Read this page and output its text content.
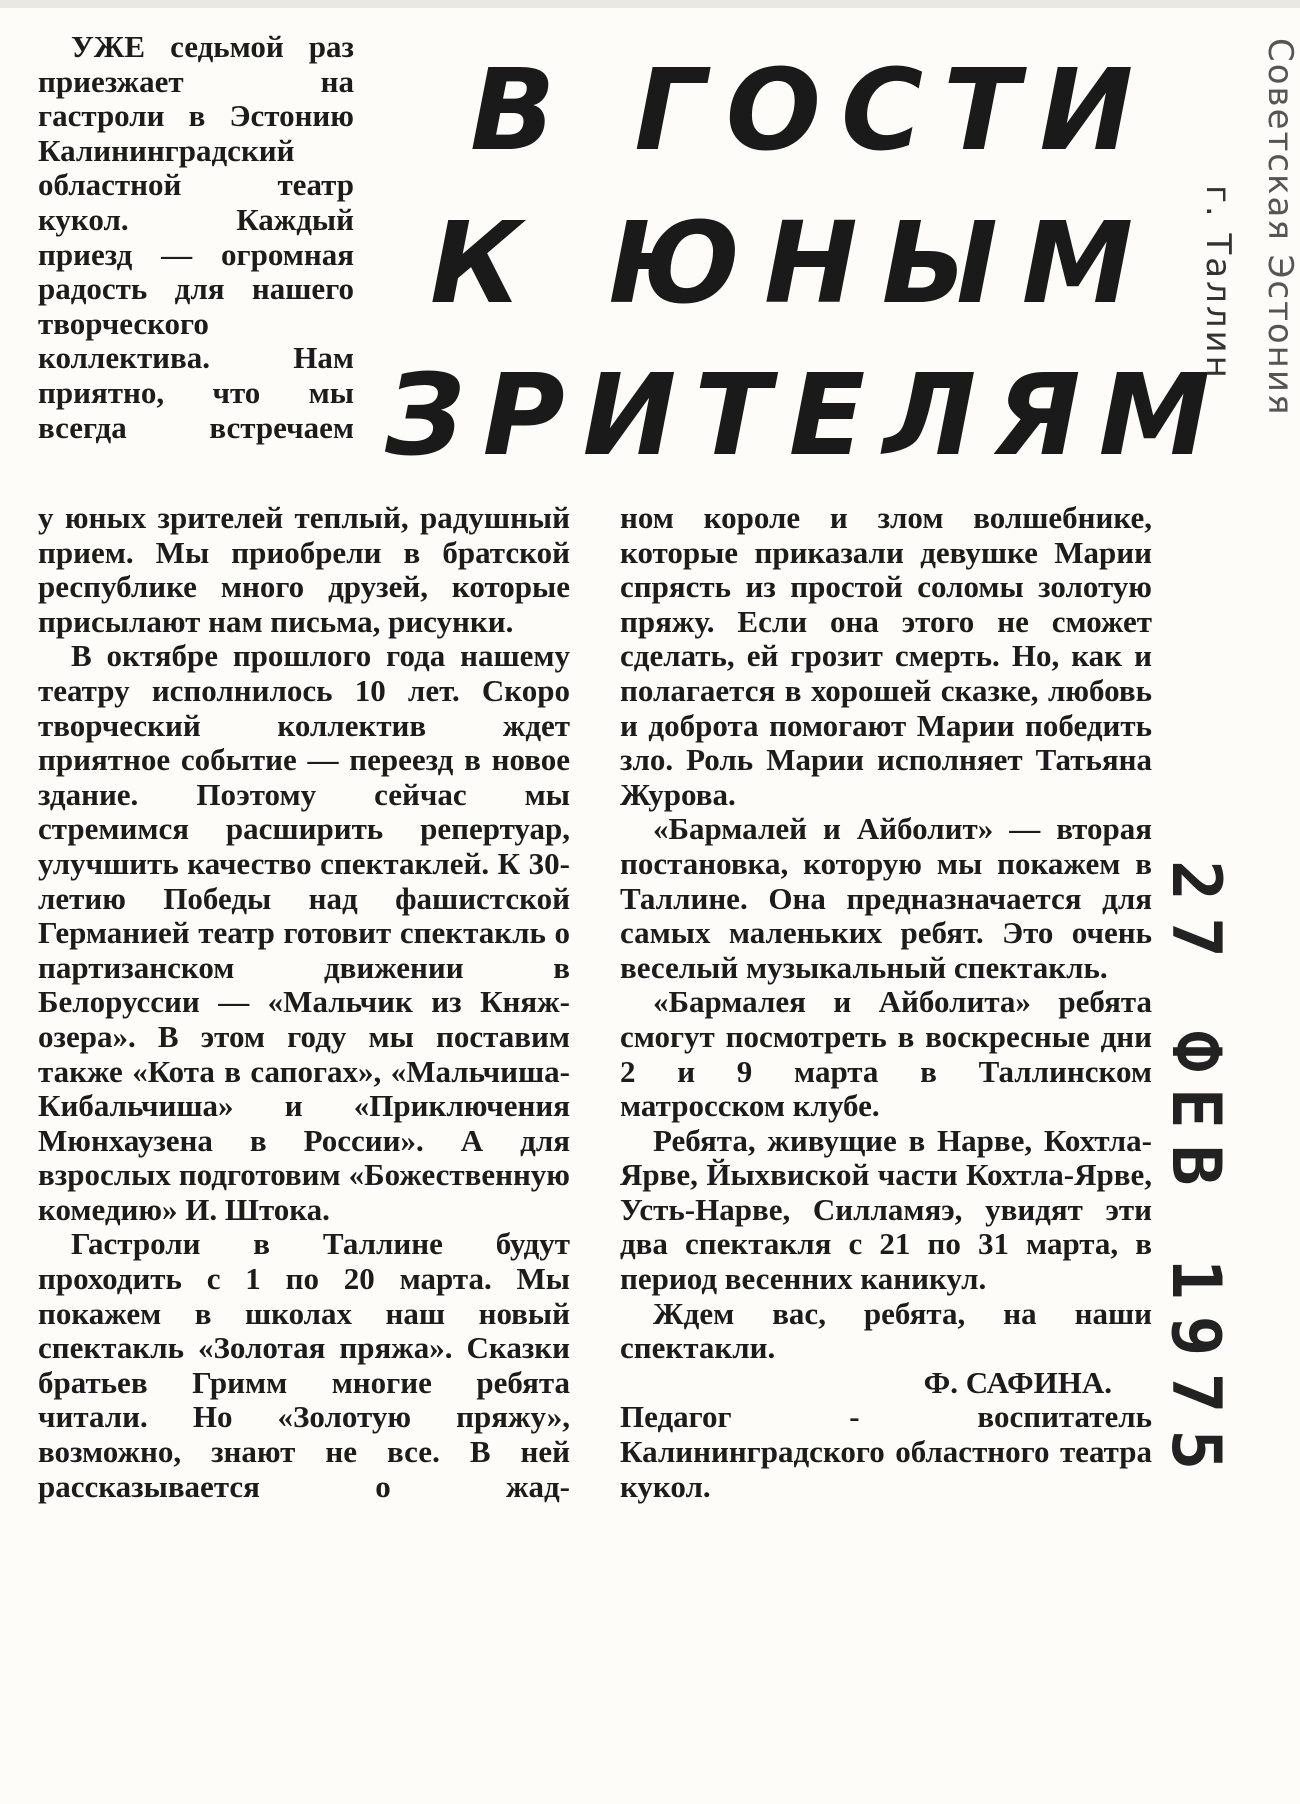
УЖЕ седьмой раз приезжает на гастроли в Эстонию Калининградский областной театр кукол. Каждый приезд — огромная радость для нашего творческого коллектива. Нам приятно, что мы всегда встречаем

В ГОСТИ
К ЮНЫМ
ЗРИТЕЛЯМ

у юных зрителей теплый, радушный прием. Мы приобрели в братской республике много друзей, которые присылают нам письма, рисунки.

В октябре прошлого года нашему театру исполнилось 10 лет. Скоро творческий коллектив ждет приятное событие — переезд в новое здание. Поэтому сейчас мы стремимся расширить репертуар, улучшить качество спектаклей. К 30-летию Победы над фашистской Германией театр готовит спектакль о партизанском движении в Белоруссии — «Мальчик из Княж-озера». В этом году мы поставим также «Кота в сапогах», «Мальчиша-Кибальчиша» и «Приключения Мюнхаузена в России». А для взрослых подготовим «Божественную комедию» И. Штока.

Гастроли в Таллине будут проходить с 1 по 20 марта. Мы покажем в школах наш новый спектакль «Золотая пряжа». Сказки братьев Гримм многие ребята читали. Но «Золотую пряжу», возможно, знают не все. В ней рассказывается о жад-

ном короле и злом волшебнике, которые приказали девушке Марии спрясть из простой соломы золотую пряжу. Если она этого не сможет сделать, ей грозит смерть. Но, как и полагается в хорошей сказке, любовь и доброта помогают Марии победить зло. Роль Марии исполняет Татьяна Журова.

«Бармалей и Айболит» — вторая постановка, которую мы покажем в Таллине. Она предназначается для самых маленьких ребят. Это очень веселый музыкальный спектакль.

«Бармалея и Айболита» ребята смогут посмотреть в воскресные дни 2 и 9 марта в Таллинском матросском клубе.

Ребята, живущие в Нарве, Кохтла-Ярве, Йыхвиской части Кохтла-Ярве, Усть-Нарве, Силламяэ, увидят эти два спектакля с 21 по 31 марта, в период весенних каникул.

Ждем вас, ребята, на наши спектакли.

Ф. САФИНА.

Педагог - воспитатель Калининградского областного театра кукол.

Советская Эстония
г. Таллин
27 ФЕВ 1975
